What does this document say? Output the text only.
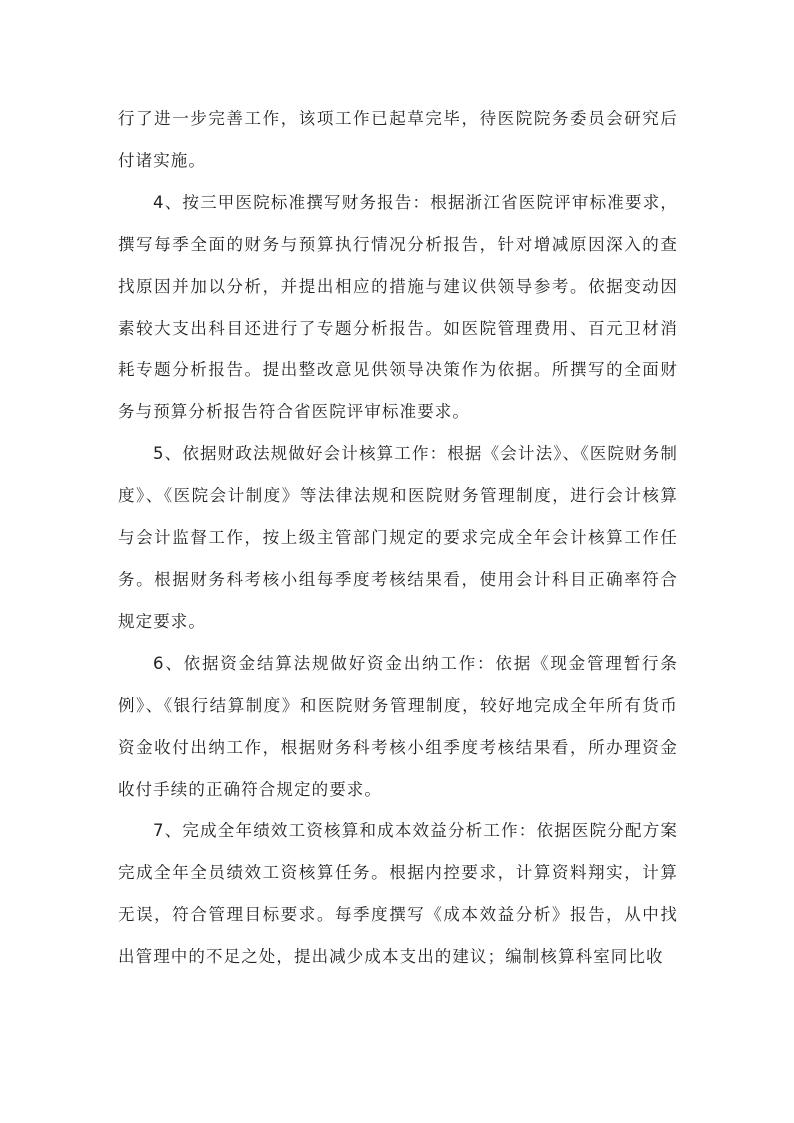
行了进一步完善工作，该项工作已起草完毕，待医院院务委员会研究后付诸实施。

4、按三甲医院标准撰写财务报告：根据浙江省医院评审标准要求，撰写每季全面的财务与预算执行情况分析报告，针对增减原因深入的查找原因并加以分析，并提出相应的措施与建议供领导参考。依据变动因素较大支出科目还进行了专题分析报告。如医院管理费用、百元卫材消耗专题分析报告。提出整改意见供领导决策作为依据。所撰写的全面财务与预算分析报告符合省医院评审标准要求。

5、依据财政法规做好会计核算工作：根据《会计法》、《医院财务制度》、《医院会计制度》等法律法规和医院财务管理制度，进行会计核算与会计监督工作，按上级主管部门规定的要求完成全年会计核算工作任务。根据财务科考核小组每季度考核结果看，使用会计科目正确率符合规定要求。

6、依据资金结算法规做好资金出纳工作：依据《现金管理暂行条例》、《银行结算制度》和医院财务管理制度，较好地完成全年所有货币资金收付出纳工作，根据财务科考核小组季度考核结果看，所办理资金收付手续的正确符合规定的要求。

7、完成全年绩效工资核算和成本效益分析工作：依据医院分配方案完成全年全员绩效工资核算任务。根据内控要求，计算资料翔实，计算无误，符合管理目标要求。每季度撰写《成本效益分析》报告，从中找出管理中的不足之处，提出减少成本支出的建议；编制核算科室同比收
